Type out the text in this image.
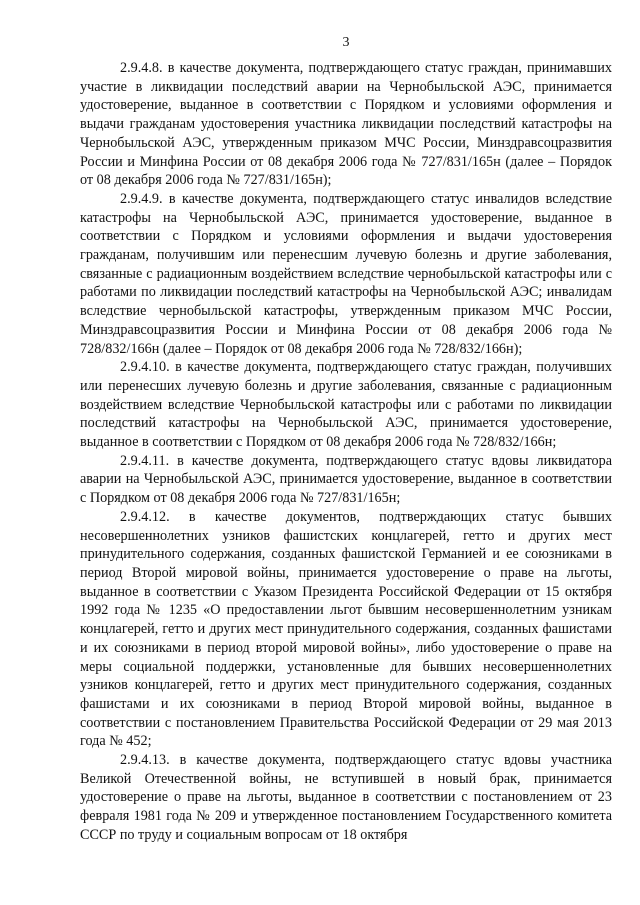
3

2.9.4.8. в качестве документа, подтверждающего статус граждан, принимавших участие в ликвидации последствий аварии на Чернобыльской АЭС, принимается удостоверение, выданное в соответствии с Порядком и условиями оформления и выдачи гражданам удостоверения участника ликвидации последствий катастрофы на Чернобыльской АЭС, утвержденным приказом МЧС России, Минздравсоцразвития России и Минфина России от 08 декабря 2006 года № 727/831/165н (далее – Порядок от 08 декабря 2006 года № 727/831/165н);

2.9.4.9. в качестве документа, подтверждающего статус инвалидов вследствие катастрофы на Чернобыльской АЭС, принимается удостоверение, выданное в соответствии с Порядком и условиями оформления и выдачи удостоверения гражданам, получившим или перенесшим лучевую болезнь и другие заболевания, связанные с радиационным воздействием вследствие чернобыльской катастрофы или с работами по ликвидации последствий катастрофы на Чернобыльской АЭС; инвалидам вследствие чернобыльской катастрофы, утвержденным приказом МЧС России, Минздравсоцразвития России и Минфина России от 08 декабря 2006 года № 728/832/166н (далее – Порядок от 08 декабря 2006 года № 728/832/166н);

2.9.4.10. в качестве документа, подтверждающего статус граждан, получивших или перенесших лучевую болезнь и другие заболевания, связанные с радиационным воздействием вследствие Чернобыльской катастрофы или с работами по ликвидации последствий катастрофы на Чернобыльской АЭС, принимается удостоверение, выданное в соответствии с Порядком от 08 декабря 2006 года № 728/832/166н;

2.9.4.11. в качестве документа, подтверждающего статус вдовы ликвидатора аварии на Чернобыльской АЭС, принимается удостоверение, выданное в соответствии с Порядком от 08 декабря 2006 года № 727/831/165н;

2.9.4.12. в качестве документов, подтверждающих статус бывших несовершеннолетних узников фашистских концлагерей, гетто и других мест принудительного содержания, созданных фашистской Германией и ее союзниками в период Второй мировой войны, принимается удостоверение о праве на льготы, выданное в соответствии с Указом Президента Российской Федерации от 15 октября 1992 года № 1235 «О предоставлении льгот бывшим несовершеннолетним узникам концлагерей, гетто и других мест принудительного содержания, созданных фашистами и их союзниками в период второй мировой войны», либо удостоверение о праве на меры социальной поддержки, установленные для бывших несовершеннолетних узников концлагерей, гетто и других мест принудительного содержания, созданных фашистами и их союзниками в период Второй мировой войны, выданное в соответствии с постановлением Правительства Российской Федерации от 29 мая 2013 года № 452;

2.9.4.13. в качестве документа, подтверждающего статус вдовы участника Великой Отечественной войны, не вступившей в новый брак, принимается удостоверение о праве на льготы, выданное в соответствии с постановлением от 23 февраля 1981 года № 209 и утвержденное постановлением Государственного комитета СССР по труду и социальным вопросам от 18 октября
